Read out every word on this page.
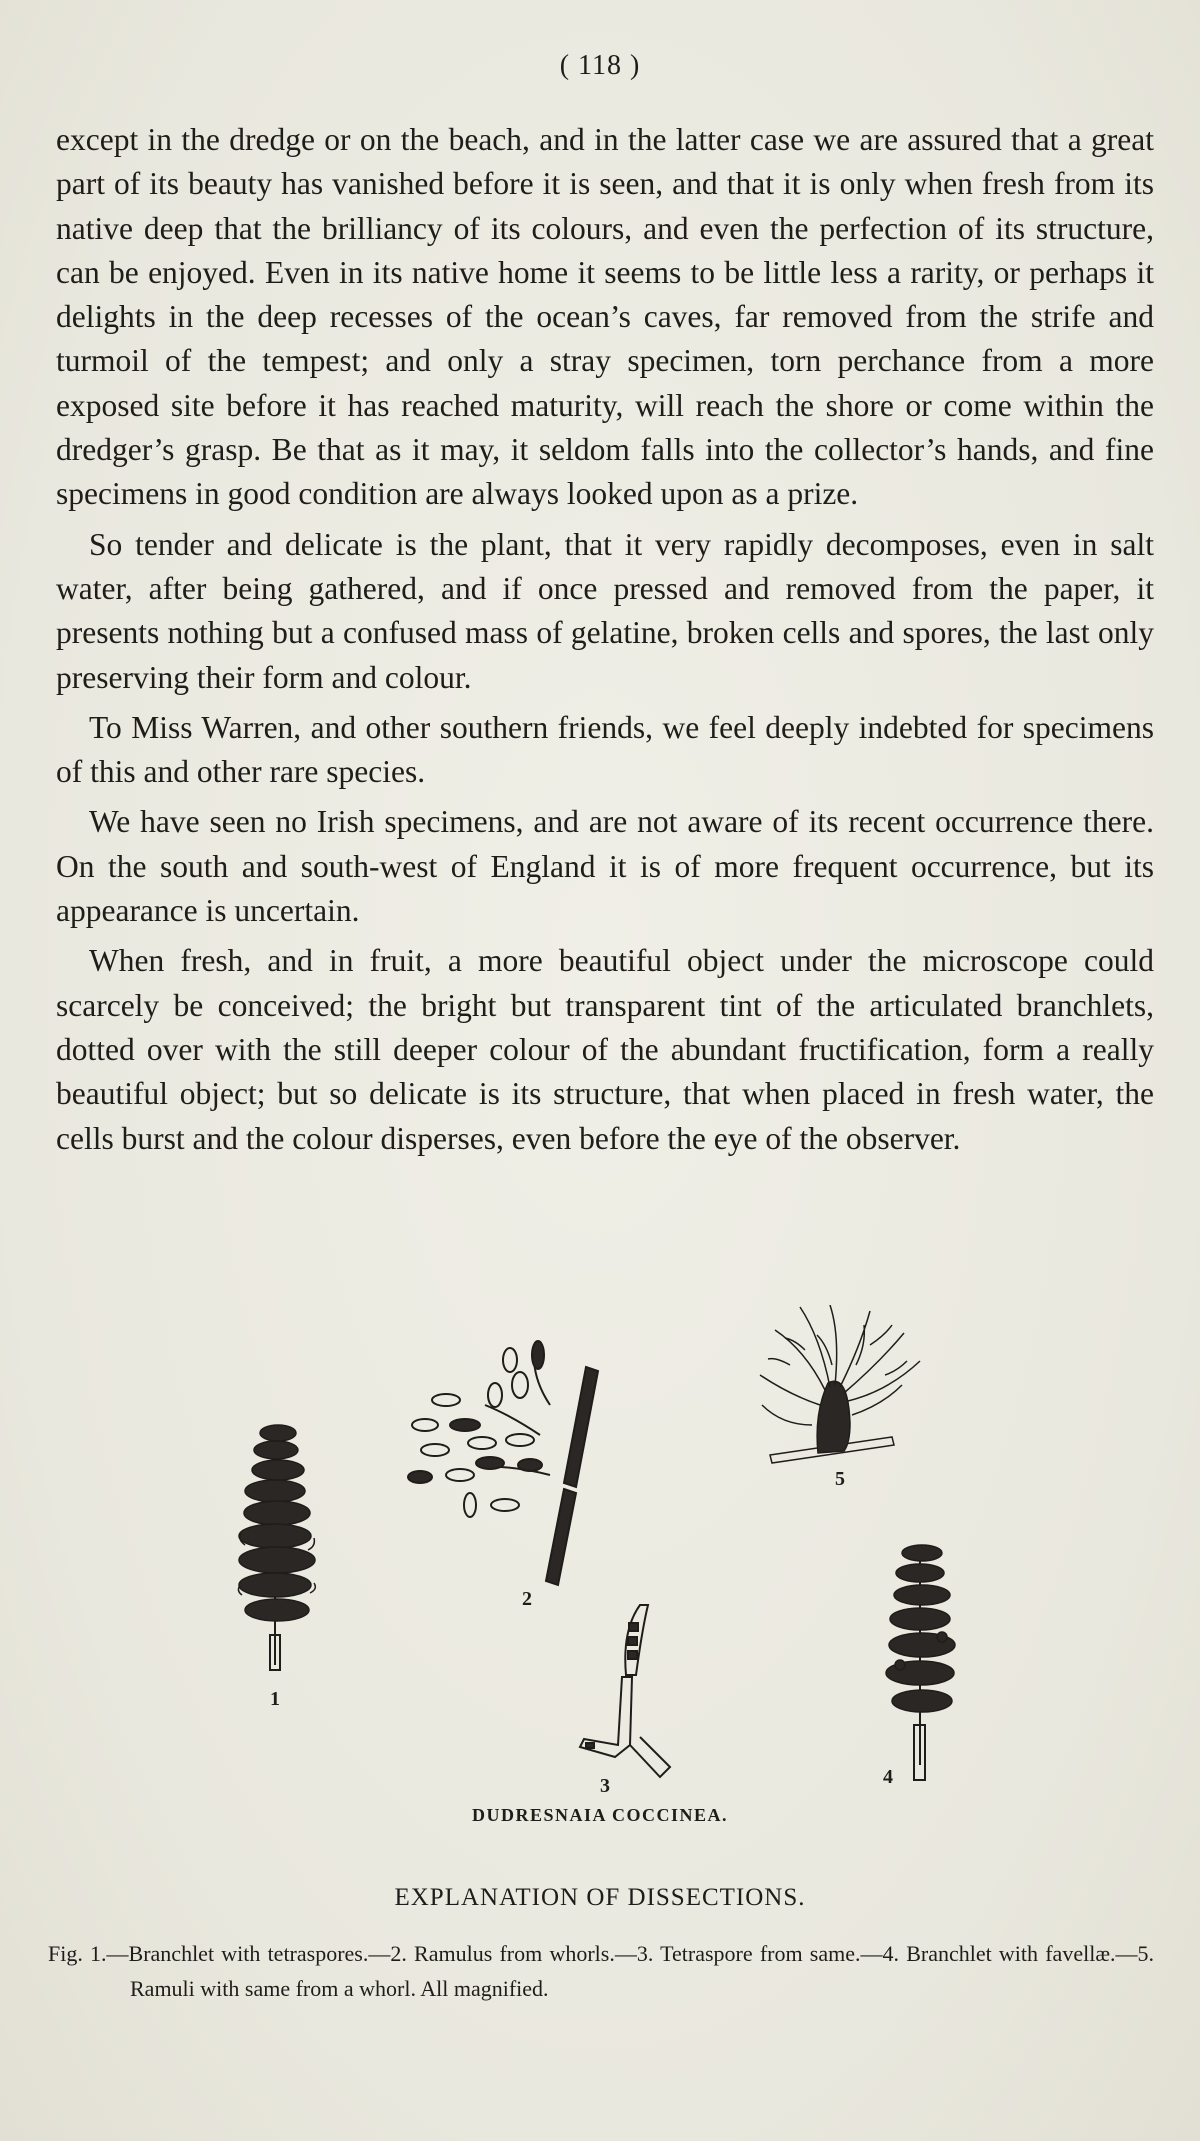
( 118 )

except in the dredge or on the beach, and in the latter case we are assured that a great part of its beauty has vanished before it is seen, and that it is only when fresh from its native deep that the brilliancy of its colours, and even the perfection of its structure, can be enjoyed. Even in its native home it seems to be little less a rarity, or perhaps it delights in the deep recesses of the ocean’s caves, far removed from the strife and turmoil of the tempest; and only a stray specimen, torn perchance from a more exposed site before it has reached maturity, will reach the shore or come within the dredger’s grasp. Be that as it may, it seldom falls into the collector’s hands, and fine specimens in good condition are always looked upon as a prize.

So tender and delicate is the plant, that it very rapidly decomposes, even in salt water, after being gathered, and if once pressed and removed from the paper, it presents nothing but a confused mass of gelatine, broken cells and spores, the last only preserving their form and colour.

To Miss Warren, and other southern friends, we feel deeply indebted for specimens of this and other rare species.

We have seen no Irish specimens, and are not aware of its recent occurrence there. On the south and south-west of England it is of more frequent occurrence, but its appearance is uncertain.

When fresh, and in fruit, a more beautiful object under the microscope could scarcely be conceived; the bright but transparent tint of the articulated branchlets, dotted over with the still deeper colour of the abundant fructification, form a really beautiful object; but so delicate is its structure, that when placed in fresh water, the cells burst and the colour disperses, even before the eye of the observer.

1
2
3	4
5
DUDRESNAIA COCCINEA.
EXPLANATION OF DISSECTIONS.
Fig. 1.—Branchlet with tetraspores.—2. Ramulus from whorls.—3. Tetraspore from same.—4. Branchlet with favellæ.—5. Ramuli with same from a whorl. All magnified.
